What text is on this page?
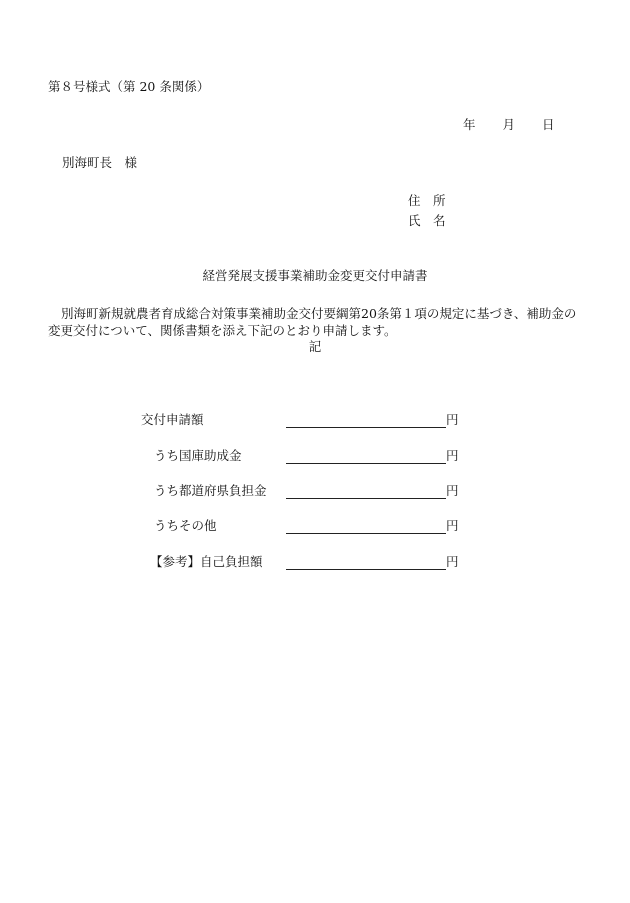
第８号様式（第 20 条関係）
年 月 日
別海町長　様
住　所
氏　名
経営発展支援事業補助金変更交付申請書
別海町新規就農者育成総合対策事業補助金交付要綱第20条第１項の規定に基づき、補助金の変更交付について、関係書類を添え下記のとおり申請します。
記
交付申請額	円
うち国庫助成金	円
うち都道府県負担金	円
うちその他	円
【参考】自己負担額	円
